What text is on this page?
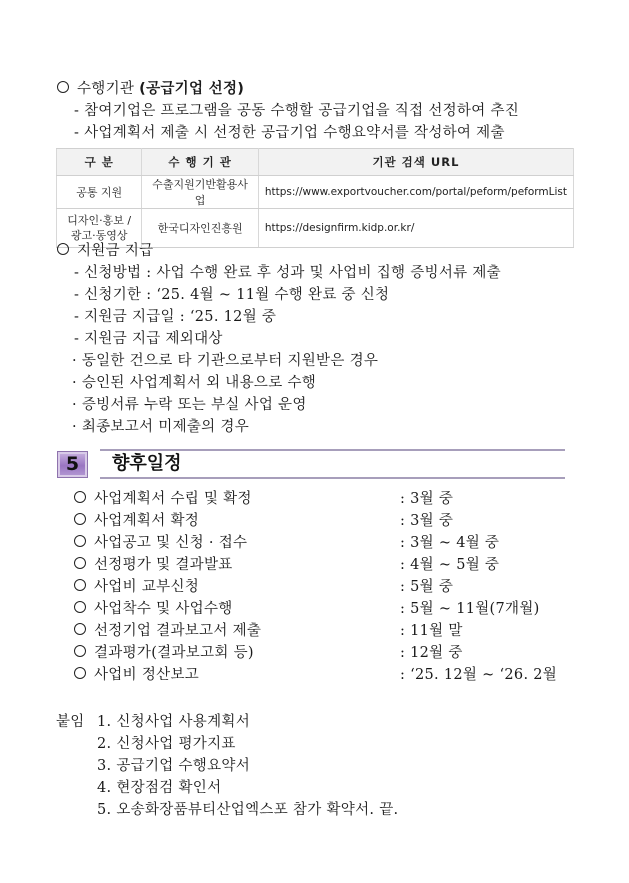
수행기관 (공급기업 선정)
- 참여기업은 프로그램을 공동 수행할 공급기업을 직접 선정하여 추진
- 사업계획서 제출 시 선정한 공급기업 수행요약서를 작성하여 제출
구 분	수 행 기 관	기관 검색 URL
공통 지원	수출지원기반활용사업	https://www.exportvoucher.com/portal/peform/peformList

디자인·홍보 /
광고·동영상	한국디자인진흥원	https://designfirm.kidp.or.kr/
지원금 지급
- 신청방법 : 사업 수행 완료 후 성과 및 사업비 집행 증빙서류 제출
- 신청기한 : ‘25. 4월 ~ 11월 수행 완료 중 신청
- 지원금 지급일 : ‘25. 12월 중
- 지원금 지급 제외대상
· 동일한 건으로 타 기관으로부터 지원받은 경우
· 승인된 사업계획서 외 내용으로 수행
· 증빙서류 누락 또는 부실 사업 운영
· 최종보고서 미제출의 경우
5	향후일정
사업계획서 수립 및 확정	: 3월 중
사업계획서 확정	: 3월 중
사업공고 및 신청 · 접수	: 3월 ~ 4월 중
선정평가 및 결과발표	: 4월 ~ 5월 중
사업비 교부신청	: 5월 중
사업착수 및 사업수행	: 5월 ~ 11월(7개월)
선정기업 결과보고서 제출	: 11월 말
결과평가(결과보고회 등)	: 12월 중
사업비 정산보고	: ‘25. 12월 ~ ‘26. 2월
붙임 1. 신청사업 사용계획서
2. 신청사업 평가지표
3. 공급기업 수행요약서
4. 현장점검 확인서
5. 오송화장품뷰티산업엑스포 참가 확약서. 끝.
